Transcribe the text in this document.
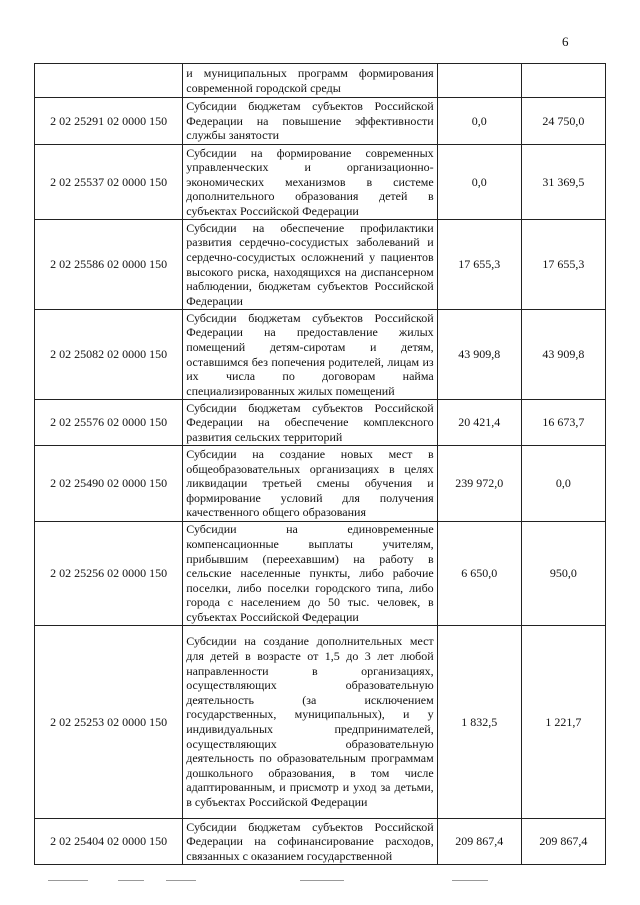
6

	и муниципальных программ формирования современной городской среды		

2 02 25291 02 0000 150	Субсидии бюджетам субъектов Российской Федерации на повышение эффективности службы занятости	0,0	24 750,0
2 02 25537 02 0000 150	Субсидии на формирование современных управленческих и организационно-экономических механизмов в системе дополнительного образования детей в субъектах Российской Федерации	0,0	31 369,5
2 02 25586 02 0000 150	Субсидии на обеспечение профилактики развития сердечно-сосудистых заболеваний и сердечно-сосудистых осложнений у пациентов высокого риска, находящихся на диспансерном наблюдении, бюджетам субъектов Российской Федерации	17 655,3	17 655,3
2 02 25082 02 0000 150	Субсидии бюджетам субъектов Российской Федерации на предоставление жилых помещений детям-сиротам и детям, оставшимся без попечения родителей, лицам из их числа по договорам найма специализированных жилых помещений	43 909,8	43 909,8
2 02 25576 02 0000 150	Субсидии бюджетам субъектов Российской Федерации на обеспечение комплексного развития сельских территорий	20 421,4	16 673,7
2 02 25490 02 0000 150	Субсидии на создание новых мест в общеобразовательных организациях в целях ликвидации третьей смены обучения и формирование условий для получения качественного общего образования	239 972,0	0,0
2 02 25256 02 0000 150	Субсидии на единовременные компенсационные выплаты учителям, прибывшим (переехавшим) на работу в сельские населенные пункты, либо рабочие поселки, либо поселки городского типа, либо города с населением до 50 тыс. человек, в субъектах Российской Федерации	6 650,0	950,0
2 02 25253 02 0000 150	Субсидии на создание дополнительных мест для детей в возрасте от 1,5 до 3 лет любой направленности в организациях, осуществляющих образовательную деятельность (за исключением государственных, муниципальных), и у индивидуальных предпринимателей, осуществляющих образовательную деятельность по образовательным программам дошкольного образования, в том числе адаптированным, и присмотр и уход за детьми, в субъектах Российской Федерации	1 832,5	1 221,7
2 02 25404 02 0000 150	Субсидии бюджетам субъектов Российской Федерации на софинансирование расходов, связанных с оказанием государственной	209 867,4	209 867,4
